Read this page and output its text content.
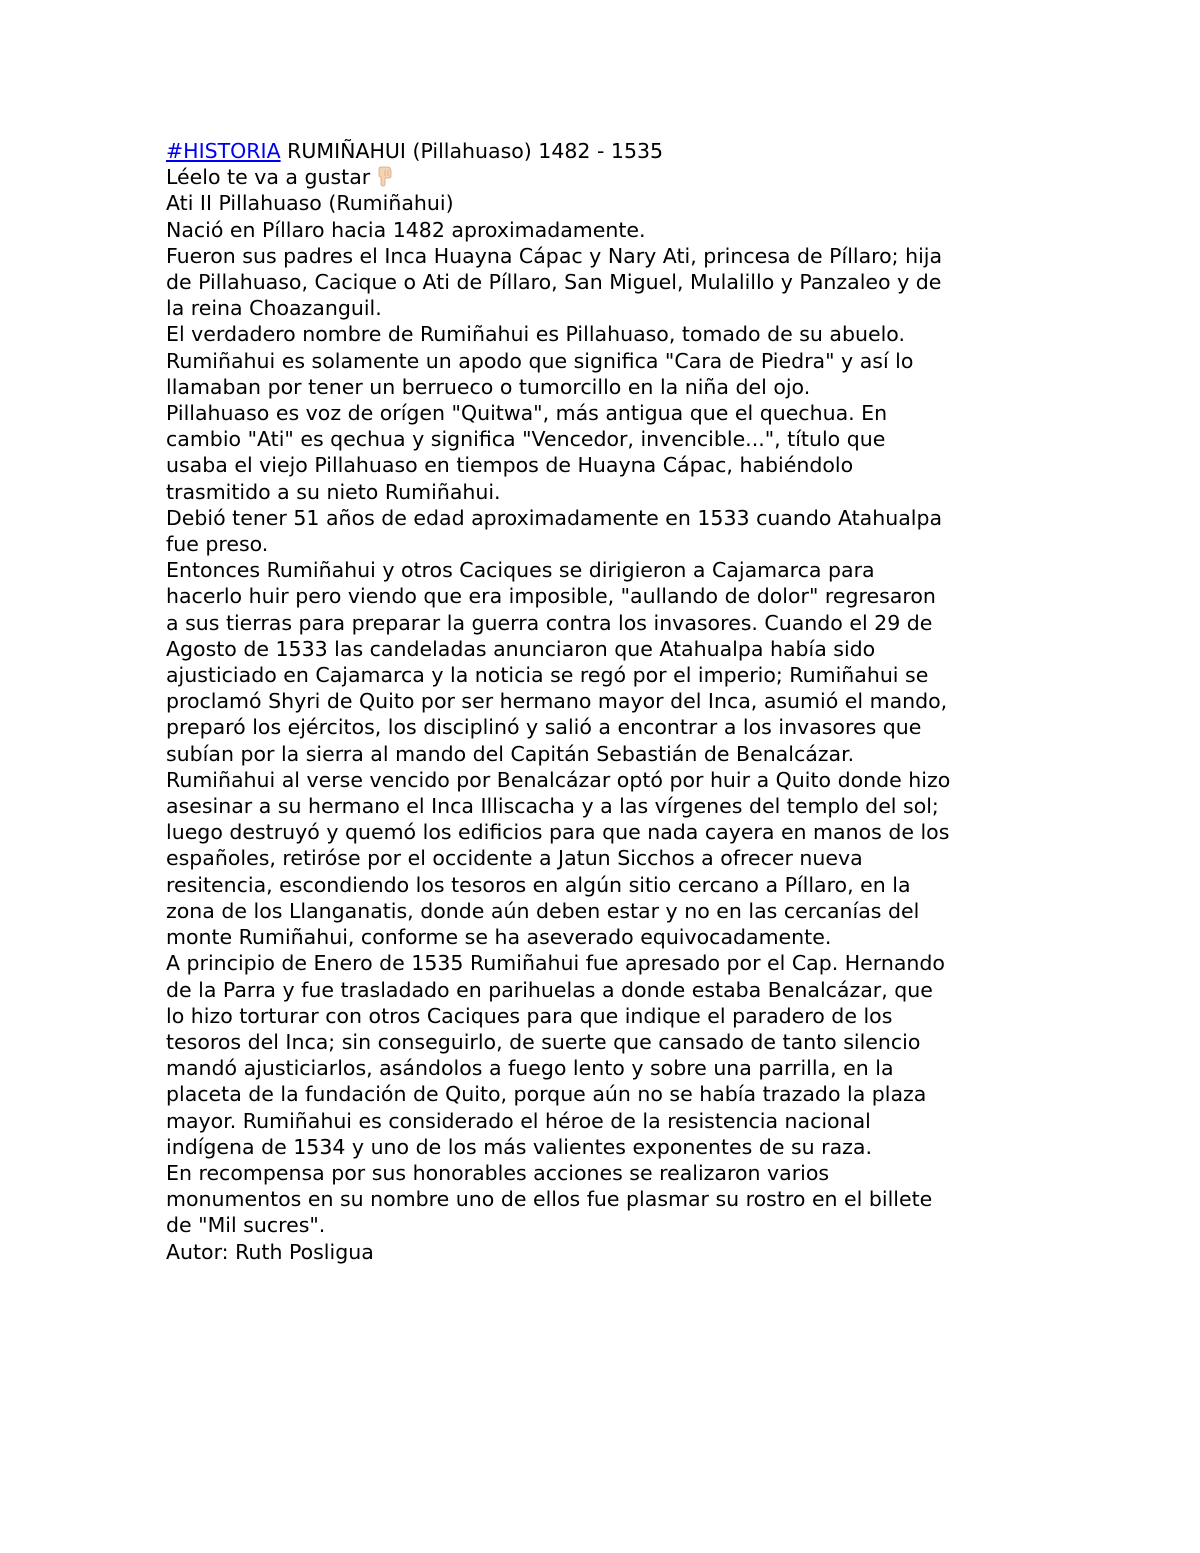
#HISTORIA RUMIÑAHUI (Pillahuaso) 1482 - 1535
Léelo te va a gustar
Ati II Pillahuaso (Rumiñahui)
Nació en Píllaro hacia 1482 aproximadamente.
Fueron sus padres el Inca Huayna Cápac y Nary Ati, princesa de Píllaro; hija
de Pillahuaso, Cacique o Ati de Píllaro, San Miguel, Mulalillo y Panzaleo y de
la reina Choazanguil.
El verdadero nombre de Rumiñahui es Pillahuaso, tomado de su abuelo.
Rumiñahui es solamente un apodo que significa "Cara de Piedra" y así lo
llamaban por tener un berrueco o tumorcillo en la niña del ojo.
Pillahuaso es voz de orígen "Quitwa", más antigua que el quechua. En
cambio "Ati" es qechua y significa "Vencedor, invencible...", título que
usaba el viejo Pillahuaso en tiempos de Huayna Cápac, habiéndolo
trasmitido a su nieto Rumiñahui.
Debió tener 51 años de edad aproximadamente en 1533 cuando Atahualpa
fue preso.
Entonces Rumiñahui y otros Caciques se dirigieron a Cajamarca para
hacerlo huir pero viendo que era imposible, "aullando de dolor" regresaron
a sus tierras para preparar la guerra contra los invasores. Cuando el 29 de
Agosto de 1533 las candeladas anunciaron que Atahualpa había sido
ajusticiado en Cajamarca y la noticia se regó por el imperio; Rumiñahui se
proclamó Shyri de Quito por ser hermano mayor del Inca, asumió el mando,
preparó los ejércitos, los disciplinó y salió a encontrar a los invasores que
subían por la sierra al mando del Capitán Sebastián de Benalcázar.
Rumiñahui al verse vencido por Benalcázar optó por huir a Quito donde hizo
asesinar a su hermano el Inca Illiscacha y a las vírgenes del templo del sol;
luego destruyó y quemó los edificios para que nada cayera en manos de los
españoles, retiróse por el occidente a Jatun Sicchos a ofrecer nueva
resitencia, escondiendo los tesoros en algún sitio cercano a Píllaro, en la
zona de los Llanganatis, donde aún deben estar y no en las cercanías del
monte Rumiñahui, conforme se ha aseverado equivocadamente.
A principio de Enero de 1535 Rumiñahui fue apresado por el Cap. Hernando
de la Parra y fue trasladado en parihuelas a donde estaba Benalcázar, que
lo hizo torturar con otros Caciques para que indique el paradero de los
tesoros del Inca; sin conseguirlo, de suerte que cansado de tanto silencio
mandó ajusticiarlos, asándolos a fuego lento y sobre una parrilla, en la
placeta de la fundación de Quito, porque aún no se había trazado la plaza
mayor. Rumiñahui es considerado el héroe de la resistencia nacional
indígena de 1534 y uno de los más valientes exponentes de su raza.
En recompensa por sus honorables acciones se realizaron varios
monumentos en su nombre uno de ellos fue plasmar su rostro en el billete
de "Mil sucres".
Autor: Ruth Posligua
